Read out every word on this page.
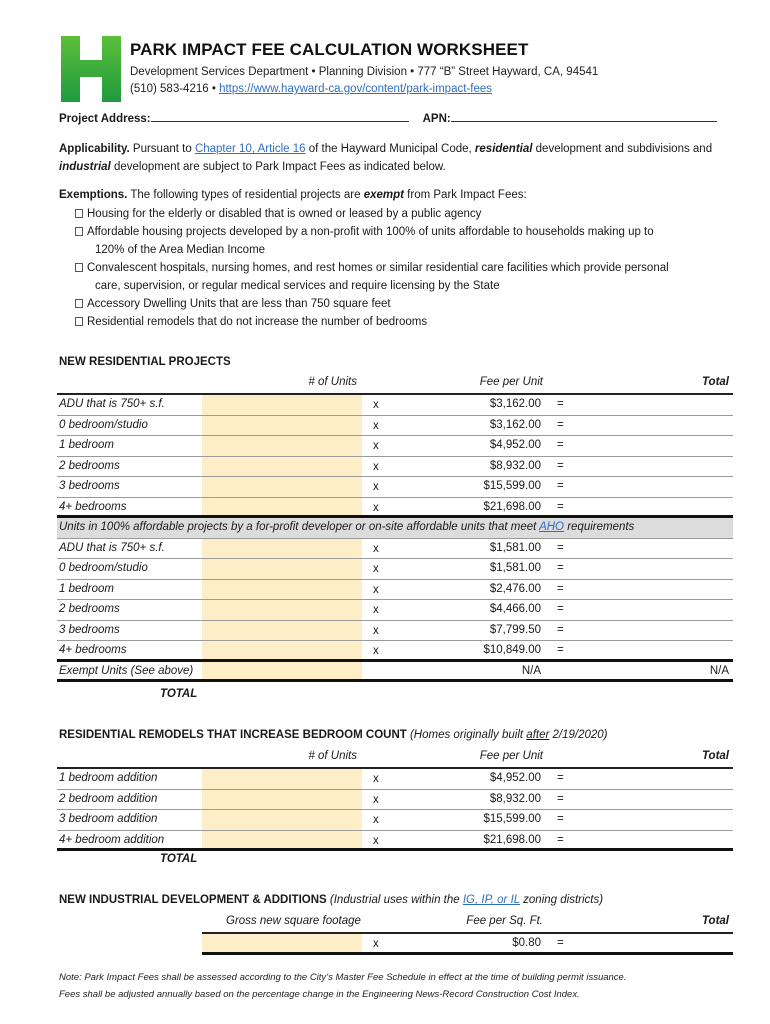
PARK IMPACT FEE CALCULATION WORKSHEET
Development Services Department • Planning Division • 777 “B” Street Hayward, CA, 94541
(510) 583-4216 • https://www.hayward-ca.gov/content/park-impact-fees
Project Address:	APN:
Applicability. Pursuant to Chapter 10, Article 16 of the Hayward Municipal Code, residential development and subdivisions and industrial development are subject to Park Impact Fees as indicated below.
Exemptions. The following types of residential projects are exempt from Park Impact Fees:
Housing for the elderly or disabled that is owned or leased by a public agency
Affordable housing projects developed by a non-profit with 100% of units affordable to households making up to
120% of the Area Median Income
Convalescent hospitals, nursing homes, and rest homes or similar residential care facilities which provide personal
care, supervision, or regular medical services and require licensing by the State
Accessory Dwelling Units that are less than 750 square feet
Residential remodels that do not increase the number of bedrooms
NEW RESIDENTIAL PROJECTS
# of Units	Fee per Unit	Total
ADU that is 750+ s.f.	x	$3,162.00 =
0 bedroom/studio	x	$3,162.00 =
1 bedroom	x	$4,952.00 =
2 bedrooms	x	$8,932.00 =
3 bedrooms	x	$15,599.00 =
4+ bedrooms	x	$21,698.00 =
Units in 100% affordable projects by a for-profit developer or on-site affordable units that meet AHO requirements
ADU that is 750+ s.f.	x	$1,581.00 =
0 bedroom/studio	x	$1,581.00 =
1 bedroom	x	$2,476.00 =
2 bedrooms	x	$4,466.00 =
3 bedrooms	x	$7,799.50 =
4+ bedrooms	x	$10,849.00 =
Exempt Units (See above)	N/A	N/A
TOTAL
RESIDENTIAL REMODELS THAT INCREASE BEDROOM COUNT (Homes originally built after 2/19/2020)
# of Units	Fee per Unit	Total
1 bedroom addition	x	$4,952.00 =
2 bedroom addition	x	$8,932.00 =
3 bedroom addition	x	$15,599.00 =
4+ bedroom addition	x	$21,698.00 =
TOTAL
NEW INDUSTRIAL DEVELOPMENT & ADDITIONS (Industrial uses within the IG, IP, or IL zoning districts)
Gross new square footage	Fee per Sq. Ft.	Total
x	$0.80 =
Note: Park Impact Fees shall be assessed according to the City’s Master Fee Schedule in effect at the time of building permit issuance.
Fees shall be adjusted annually based on the percentage change in the Engineering News-Record Construction Cost Index.
